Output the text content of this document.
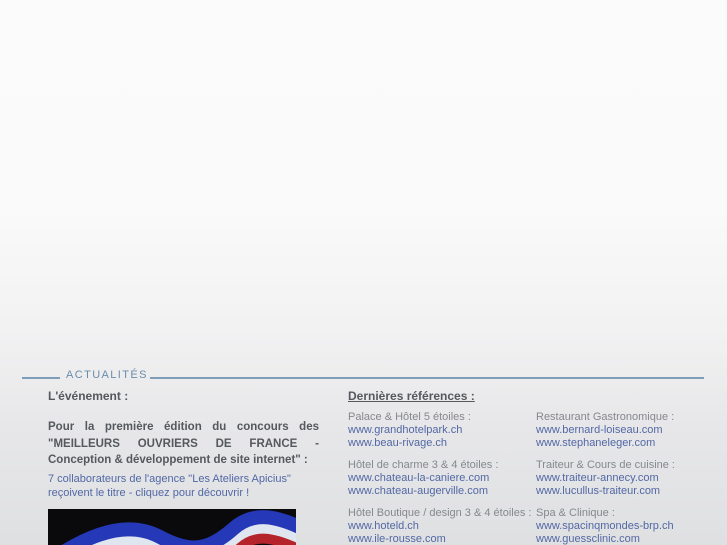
ACTUALITÉS
L'événement :
Pour la première édition du concours des "MEILLEURS OUVRIERS DE FRANCE - Conception & développement de site internet" :
7 collaborateurs de l'agence "Les Ateliers Apicius" reçoivent le titre - cliquez pour découvrir !
Dernières références :
Palace & Hôtel 5 étoiles :
www.grandhotelpark.ch
www.beau-rivage.ch
Hôtel de charme 3 & 4 étoiles :
www.chateau-la-caniere.com
www.chateau-augerville.com
Hôtel Boutique / design 3 & 4 étoiles :
www.hoteld.ch
www.ile-rousse.com
Restaurant Gastronomique :
www.bernard-loiseau.com
www.stephaneleger.com
Traiteur & Cours de cuisine :
www.traiteur-annecy.com
www.lucullus-traiteur.com
Spa & Clinique :
www.spacinqmondes-brp.ch
www.guessclinic.com
